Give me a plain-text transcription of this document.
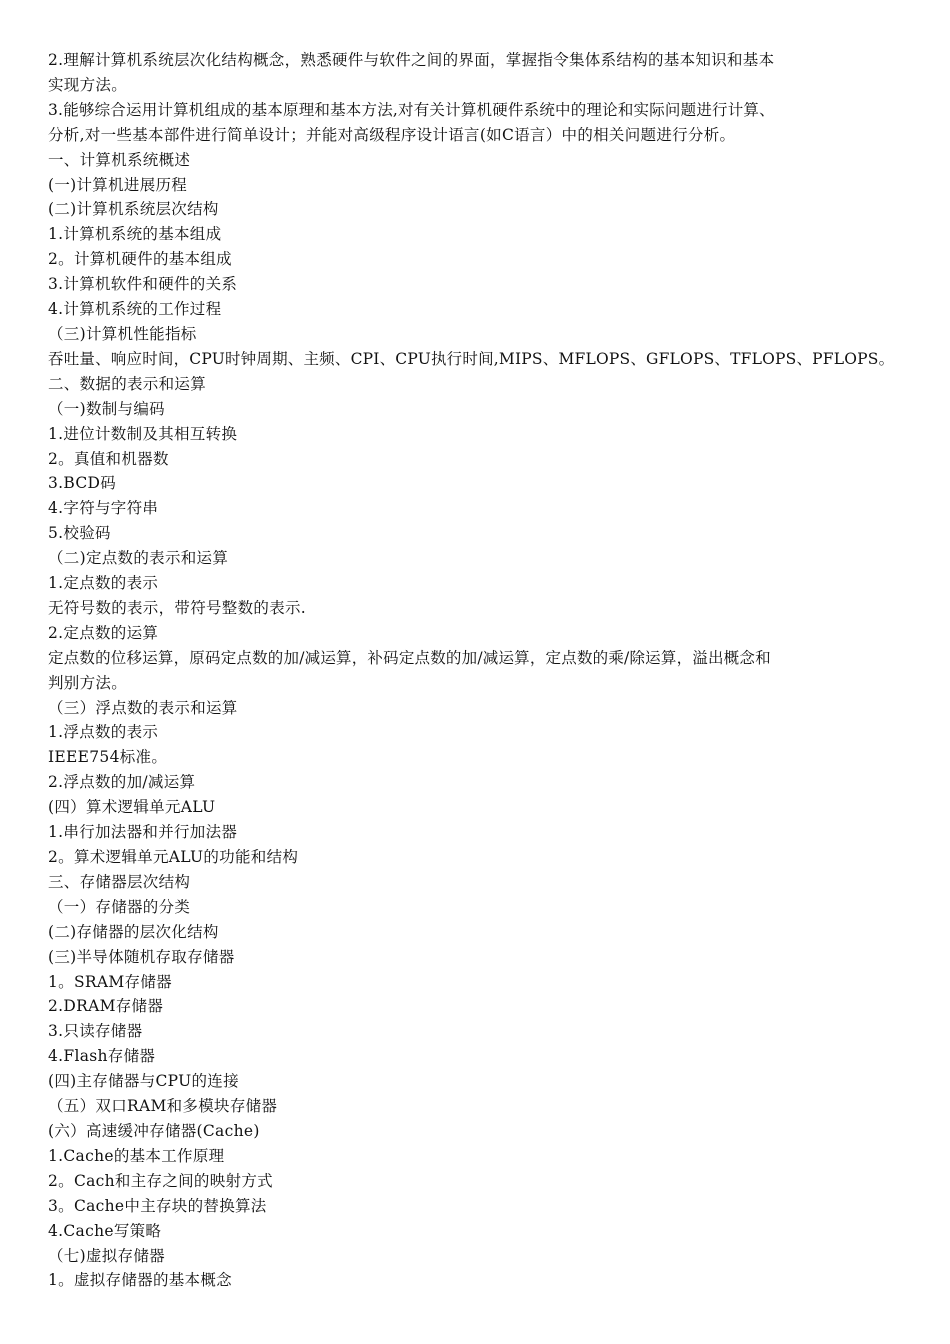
2.理解计算机系统层次化结构概念，熟悉硬件与软件之间的界面，掌握指令集体系结构的基本知识和基本
实现方法。
3.能够综合运用计算机组成的基本原理和基本方法,对有关计算机硬件系统中的理论和实际问题进行计算、
分析,对一些基本部件进行简单设计；并能对高级程序设计语言(如C语言）中的相关问题进行分析。
一、计算机系统概述
(一)计算机进展历程
(二)计算机系统层次结构
1.计算机系统的基本组成
2。计算机硬件的基本组成
3.计算机软件和硬件的关系
4.计算机系统的工作过程
（三)计算机性能指标
吞吐量、响应时间，CPU时钟周期、主频、CPI、CPU执行时间,MIPS、MFLOPS、GFLOPS、TFLOPS、PFLOPS。
二、数据的表示和运算
（一)数制与编码
1.进位计数制及其相互转换
2。真值和机器数
3.BCD码
4.字符与字符串
5.校验码
（二)定点数的表示和运算
1.定点数的表示
无符号数的表示，带符号整数的表示.
2.定点数的运算
定点数的位移运算，原码定点数的加/减运算，补码定点数的加/减运算，定点数的乘/除运算，溢出概念和
判别方法。
（三）浮点数的表示和运算
1.浮点数的表示
IEEE754标准。
2.浮点数的加/减运算
(四）算术逻辑单元ALU
1.串行加法器和并行加法器
2。算术逻辑单元ALU的功能和结构
三、存储器层次结构
（一）存储器的分类
(二)存储器的层次化结构
(三)半导体随机存取存储器
1。SRAM存储器
2.DRAM存储器
3.只读存储器
4.Flash存储器
(四)主存储器与CPU的连接
（五）双口RAM和多模块存储器
(六）高速缓冲存储器(Cache)
1.Cache的基本工作原理
2。Cach和主存之间的映射方式
3。Cache中主存块的替换算法
4.Cache写策略
（七)虚拟存储器
1。虚拟存储器的基本概念
